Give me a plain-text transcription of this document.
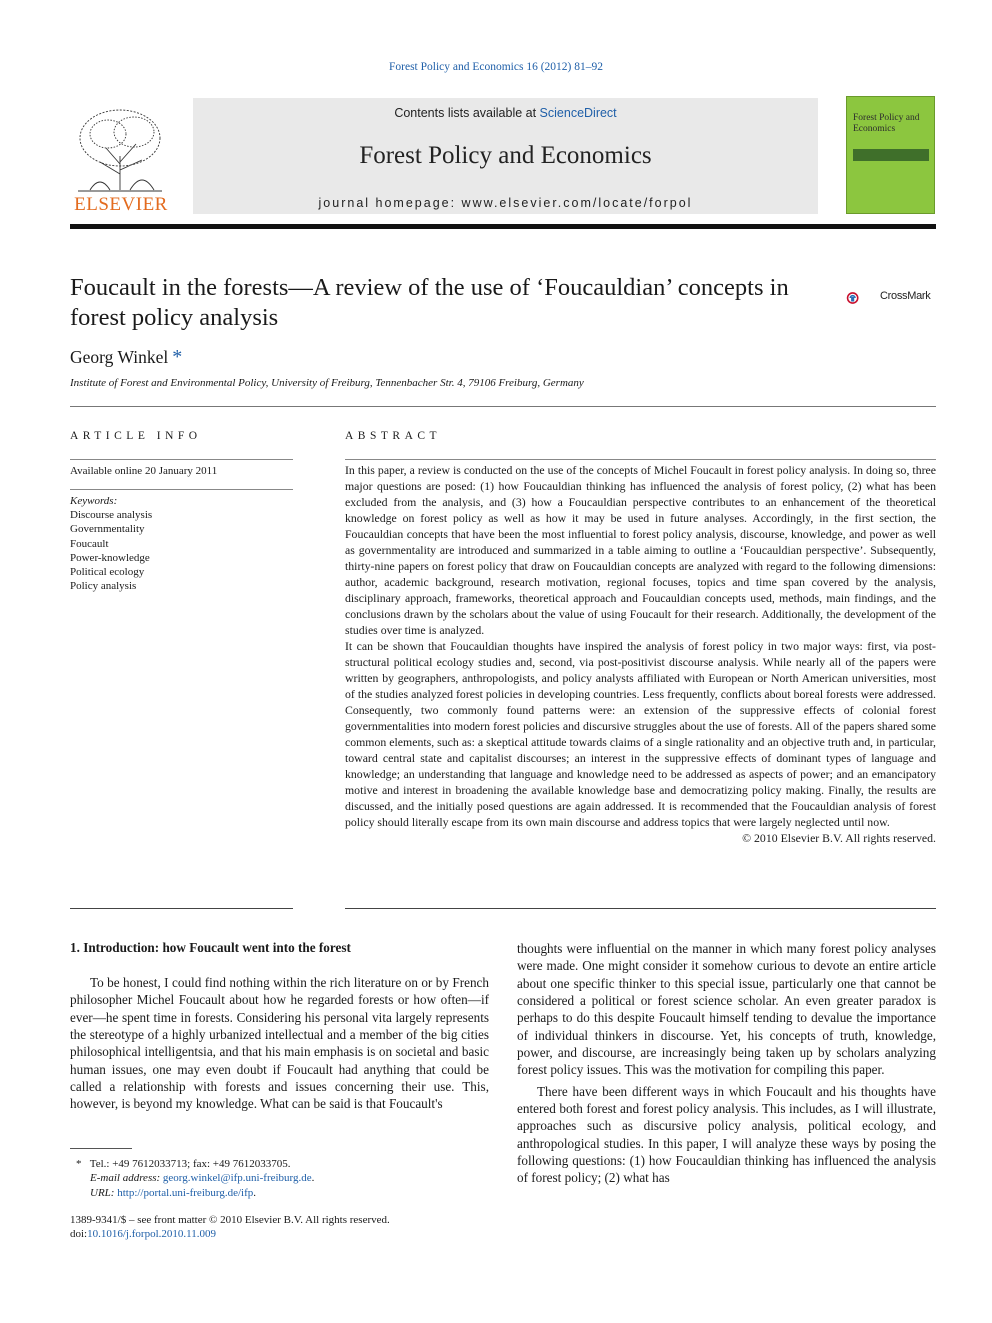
Forest Policy and Economics 16 (2012) 81–92
ELSEVIER
Contents lists available at ScienceDirect
Forest Policy and Economics
journal homepage: www.elsevier.com/locate/forpol
Forest Policy and Economics
Foucault in the forests—A review of the use of ‘Foucauldian’ concepts in forest policy analysis
CrossMark
Georg Winkel *
Institute of Forest and Environmental Policy, University of Freiburg, Tennenbacher Str. 4, 79106 Freiburg, Germany
ARTICLE INFO
Available online 20 January 2011
Keywords:
Discourse analysis
Governmentality
Foucault
Power-knowledge
Political ecology
Policy analysis
ABSTRACT

In this paper, a review is conducted on the use of the concepts of Michel Foucault in forest policy analysis. In doing so, three major questions are posed: (1) how Foucauldian thinking has influenced the analysis of forest policy, (2) what has been excluded from the analysis, and (3) how a Foucauldian perspective contributes to an enhancement of the theoretical knowledge on forest policy as well as how it may be used in future analyses. Accordingly, in the first section, the Foucauldian concepts that have been the most influential to forest policy analysis, discourse, knowledge, and power as well as governmentality are introduced and summarized in a table aiming to outline a ‘Foucauldian perspective’. Subsequently, thirty-nine papers on forest policy that draw on Foucauldian concepts are analyzed with regard to the following dimensions: author, academic background, research motivation, regional focuses, topics and time span covered by the analysis, disciplinary approach, frameworks, theoretical approach and Foucauldian concepts used, methods, main findings, and the conclusions drawn by the scholars about the value of using Foucault for their research. Additionally, the development of the studies over time is analyzed.

It can be shown that Foucauldian thoughts have inspired the analysis of forest policy in two major ways: first, via post-structural political ecology studies and, second, via post-positivist discourse analysis. While nearly all of the papers were written by geographers, anthropologists, and policy analysts affiliated with European or North American universities, most of the studies analyzed forest policies in developing countries. Less frequently, conflicts about boreal forests were addressed. Consequently, two commonly found patterns were: an extension of the suppressive effects of colonial forest governmentalities into modern forest policies and discursive struggles about the use of forests. All of the papers shared some common elements, such as: a skeptical attitude towards claims of a single rationality and an objective truth and, in particular, toward central state and capitalist discourses; an interest in the suppressive effects of dominant types of language and knowledge; an understanding that language and knowledge need to be addressed as aspects of power; and an emancipatory motive and interest in broadening the available knowledge base and democratizing policy making. Finally, the results are discussed, and the initially posed questions are again addressed. It is recommended that the Foucauldian analysis of forest policy should literally escape from its own main discourse and address topics that were largely neglected until now.

© 2010 Elsevier B.V. All rights reserved.

1. Introduction: how Foucault went into the forest

To be honest, I could find nothing within the rich literature on or by French philosopher Michel Foucault about how he regarded forests or how often—if ever—he spent time in forests. Considering his personal vita largely represents the stereotype of a highly urbanized intellectual and a member of the big cities philosophical intelligentsia, and that his main emphasis is on societal and basic human issues, one may even doubt if Foucault had anything that could be called a relationship with forests and issues concerning their use. This, however, is beyond my knowledge. What can be said is that Foucault's

thoughts were influential on the manner in which many forest policy analyses were made. One might consider it somehow curious to devote an entire article about one specific thinker to this special issue, particularly one that cannot be considered a political or forest science scholar. An even greater paradox is perhaps to do this despite Foucault himself tending to devalue the importance of individual thinkers in discourse. Yet, his concepts of truth, knowledge, power, and discourse, are increasingly being taken up by scholars analyzing forest policy issues. This was the motivation for compiling this paper.

There have been different ways in which Foucault and his thoughts have entered both forest and forest policy analysis. This includes, as I will illustrate, approaches such as discursive policy analysis, political ecology, and anthropological studies. In this paper, I will analyze these ways by posing the following questions: (1) how Foucauldian thinking has influenced the analysis of forest policy; (2) what has

* Tel.: +49 7612033713; fax: +49 7612033705.
E-mail address: georg.winkel@ifp.uni-freiburg.de.
URL: http://portal.uni-freiburg.de/ifp.
1389-9341/$ – see front matter © 2010 Elsevier B.V. All rights reserved.
doi:10.1016/j.forpol.2010.11.009
